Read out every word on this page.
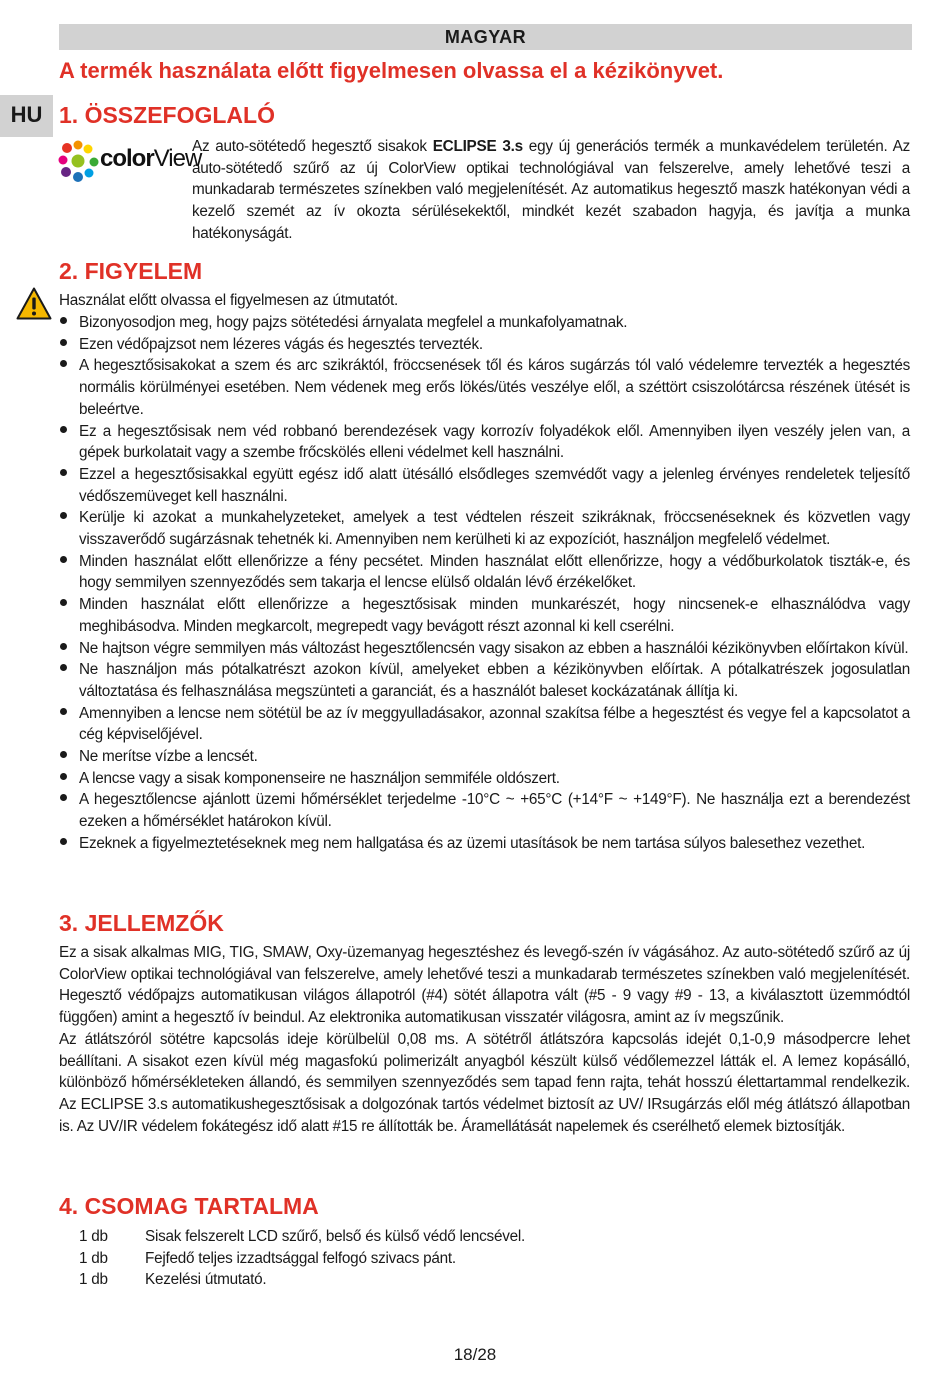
MAGYAR
A termék használata előtt figyelmesen olvassa el a kézikönyvet.
HU 1. ÖSSZEFOGLALÓ
colorView

Az auto-sötétedő hegesztő sisakok ECLIPSE 3.s egy új generációs termék a munkavédelem területén. Az auto-sötétedő szűrő az új ColorView optikai technológiával van felszerelve, amely lehetővé teszi a munkadarab természetes színekben való megjelenítését. Az automatikus hegesztő maszk hatékonyan védi a kezelő szemét az ív okozta sérülésekektől, mindkét kezét szabadon hagyja, és javítja a munka hatékonyságát.

2. FIGYELEM

Használat előtt olvassa el figyelmesen az útmutatót.

Bizonyosodjon meg, hogy pajzs sötétedési árnyalata megfelel a munkafolyamatnak.
Ezen védőpajzsot nem lézeres vágás és hegesztés tervezték.
A hegesztősisakokat a szem és arc szikráktól, fröccsenések től és káros sugárzás tól való védelemre tervezték a hegesztés normális körülményei esetében. Nem védenek meg erős lökés/ütés veszélye elől, a széttört csiszolótárcsa részének ütését is beleértve.
Ez a hegesztősisak nem véd robbanó berendezések vagy korrozív folyadékok elől. Amennyiben ilyen veszély jelen van, a gépek burkolatait vagy a szembe frőcskölés elleni védelmet kell használni.
Ezzel a hegesztősisakkal együtt egész idő alatt ütésálló elsődleges szemvédőt vagy a jelenleg érvényes rendeletek teljesítő védőszemüveget kell használni.
Kerülje ki azokat a munkahelyzeteket, amelyek a test védtelen részeit szikráknak, fröccsenéseknek és közvetlen vagy visszaverődő sugárzásnak tehetnék ki. Amennyiben nem kerülheti ki az expozíciót, használjon megfelelő védelmet.
Minden használat előtt ellenőrizze a fény pecsétet. Minden használat előtt ellenőrizze, hogy a védőburkolatok tiszták-e, és hogy semmilyen szennyeződés sem takarja el lencse elülső oldalán lévő érzékelőket.
Minden használat előtt ellenőrizze a hegesztősisak minden munkarészét, hogy nincsenek-e elhasználódva vagy meghibásodva. Minden megkarcolt, megrepedt vagy bevágott részt azonnal ki kell cserélni.
Ne hajtson végre semmilyen más változást hegesztőlencsén vagy sisakon az ebben a használói kézikönyvben előírtakon kívül.
Ne használjon más pótalkatrészt azokon kívül, amelyeket ebben a kézikönyvben előírtak. A pótalkatrészek jogosulatlan változtatása és felhasználása megszünteti a garanciát, és a használót baleset kockázatának állítja ki.
Amennyiben a lencse nem sötétül be az ív meggyulladásakor, azonnal szakítsa félbe a hegesztést és vegye fel a kapcsolatot a cég képviselőjével.
Ne merítse vízbe a lencsét.
A lencse vagy a sisak komponenseire ne használjon semmiféle oldószert.
A hegesztőlencse ajánlott üzemi hőmérséklet terjedelme -10°C ~ +65°C (+14°F ~ +149°F). Ne használja ezt a berendezést ezeken a hőmérséklet határokon kívül.
Ezeknek a figyelmeztetéseknek meg nem hallgatása és az üzemi utasítások be nem tartása súlyos balesethez vezethet.
3. JELLEMZŐK

Ez a sisak alkalmas MIG, TIG, SMAW, Oxy-üzemanyag hegesztéshez és levegő-szén ív vágásához. Az auto-sötétedő szűrő az új ColorView optikai technológiával van felszerelve, amely lehetővé teszi a munkadarab természetes színekben való megjelenítését. Hegesztő védőpajzs automatikusan világos állapotról (#4) sötét állapotra vált (#5 - 9 vagy #9 - 13, a kiválasztott üzemmódtól függően) amint a hegesztő ív beindul. Az elektronika automatikusan visszatér világosra, amint az ív megszűnik.

Az átlátszóról sötétre kapcsolás ideje körülbelül 0,08 ms. A sötétről átlátszóra kapcsolás idejét 0,1-0,9 másodpercre lehet beállítani. A sisakot ezen kívül még magasfokú polimerizált anyagból készült külső védőlemezzel látták el. A lemez kopásálló, különböző hőmérsékleteken állandó, és semmilyen szennyeződés sem tapad fenn rajta, tehát hosszú élettartammal rendelkezik. Az ECLIPSE 3.s automatikushegesztősisak a dolgozónak tartós védelmet biztosít az UV/ IRsugárzás elől még átlátszó állapotban is. Az UV/IR védelem fokátegész idő alatt #15 re állították be. Áramellátását napelemek és cserélhető elemek biztosítják.

4. CSOMAG TARTALMA
1 db	Sisak felszerelt LCD szűrő, belső és külső védő lencsével.
1 db	Fejfedő teljes izzadtsággal felfogó szivacs pánt.
1 db	Kezelési útmutató.
18/28
